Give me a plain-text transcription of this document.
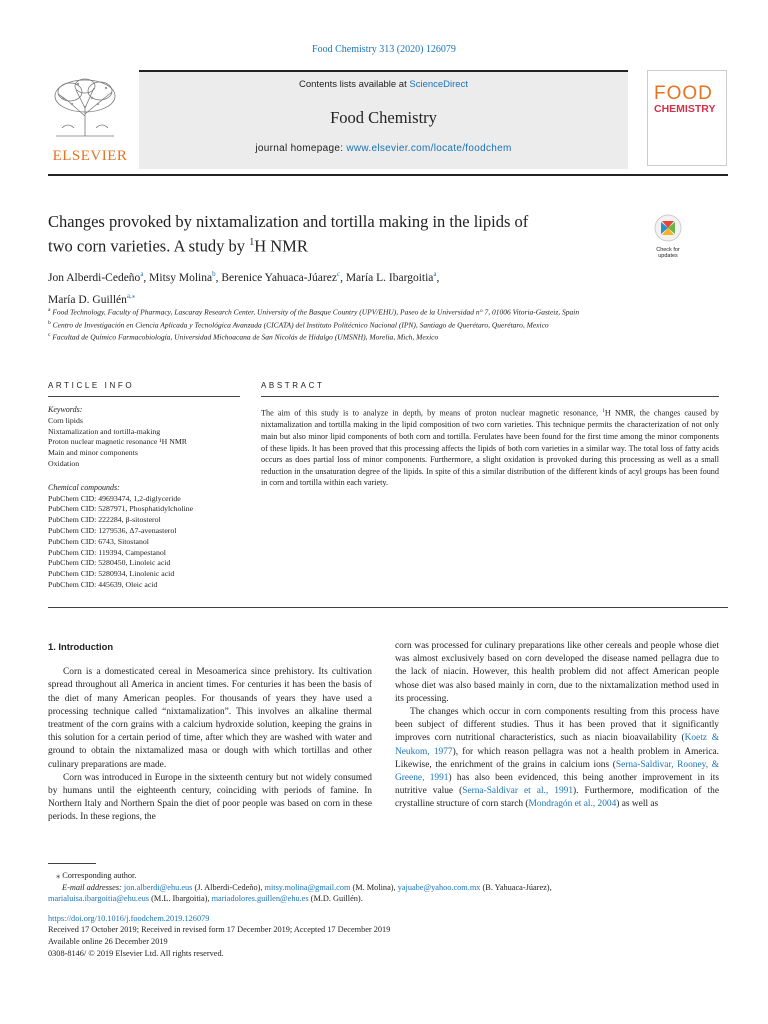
Food Chemistry 313 (2020) 126079
ELSEVIER
Contents lists available at ScienceDirect
Food Chemistry
journal homepage: www.elsevier.com/locate/foodchem
FOOD
CHEMISTRY
Changes provoked by nixtamalization and tortilla making in the lipids of
two corn varieties. A study by $^1$H NMR	Check for updates
Jon Alberdi-Cedeño$^a$, Mitsy Molina$^b$, Berenice Yahuaca-Júarez$^c$, María L. Ibargoitia$^a$,
María D. Guillén$^{a,⁎}$
$^a$ Food Technology, Faculty of Pharmacy, Lascaray Research Center, University of the Basque Country (UPV/EHU), Paseo de la Universidad n° 7, 01006 Vitoria-Gasteiz, Spain
$^b$ Centro de Investigación en Ciencia Aplicada y Tecnológica Avanzada (CICATA) del Instituto Politécnico Nacional (IPN), Santiago de Querétaro, Querétaro, Mexico
$^c$ Facultad de Químico Farmacobiología, Universidad Michoacana de San Nicolás de Hidalgo (UMSNH), Morelia, Mich, Mexico
ARTICLE INFO	ABSTRACT
Keywords:
Corn lipids
Nixtamalization and tortilla-making
Proton nuclear magnetic resonance ¹H NMR
Main and minor components
Oxidation
Chemical compounds:
PubChem CID: 49693474, 1,2-diglyceride
PubChem CID: 5287971, Phosphatidylcholine
PubChem CID: 222284, β-sitosterol
PubChem CID: 1279536, Δ7-avenasterol
PubChem CID: 6743, Sitostanol
PubChem CID: 119394, Campestanol
PubChem CID: 5280450, Linoleic acid
PubChem CID: 5280934, Linolenic acid
PubChem CID: 445639, Oleic acid
The aim of this study is to analyze in depth, by means of proton nuclear magnetic resonance, $^1$H NMR, the changes caused by nixtamalization and tortilla making in the lipid composition of two corn varieties. This technique permits the characterization of not only main but also minor lipid components of both corn and tortilla. Ferulates have been found for the first time among the minor components of these lipids. It has been proved that this processing affects the lipids of both corn varieties in a similar way. The total loss of fatty acids occurs as does partial loss of minor components. Furthermore, a slight oxidation is provoked during this processing as well as a small reduction in the unsaturation degree of the lipids. In spite of this a similar distribution of the different kinds of acyl groups has been found in corn and tortilla within each variety.
1. Introduction

Corn is a domesticated cereal in Mesoamerica since prehistory. Its cultivation spread throughout all America in ancient times. For centuries it has been the basis of the diet of many American peoples. For thousands of years they have used a processing technique called “nixtamalization”. This involves an alkaline thermal treatment of the corn grains with a calcium hydroxide solution, keeping the grains in this solution for a certain period of time, after which they are washed with water and ground to obtain the nixtamalized masa or dough with which tortillas and other culinary preparations are made.

Corn was introduced in Europe in the sixteenth century but not widely consumed by humans until the eighteenth century, coinciding with periods of famine. In Northern Italy and Northern Spain the diet of poor people was based on corn in these periods. In these regions, the

corn was processed for culinary preparations like other cereals and people whose diet was almost exclusively based on corn developed the disease named pellagra due to the lack of niacin. However, this health problem did not affect American people whose diet was also based mainly in corn, due to the nixtamalization method used in its processing.

The changes which occur in corn components resulting from this process have been subject of different studies. Thus it has been proved that it significantly improves corn nutritional characteristics, such as niacin bioavailability (Koetz & Neukom, 1977), for which reason pellagra was not a health problem in America. Likewise, the enrichment of the grains in calcium ions (Serna-Saldivar, Rooney, & Greene, 1991) has also been evidenced, this being another improvement in its nutritive value (Serna-Saldivar et al., 1991). Furthermore, modification of the crystalline structure of corn starch (Mondragón et al., 2004) as well as

⁎ Corresponding author.
E-mail addresses: jon.alberdi@ehu.eus (J. Alberdi-Cedeño), mitsy.molina@gmail.com (M. Molina), yajuabe@yahoo.com.mx (B. Yahuaca-Júarez),
marialuisa.ibargoitia@ehu.eus (M.L. Ibargoitia), mariadolores.guillen@ehu.es (M.D. Guillén).
https://doi.org/10.1016/j.foodchem.2019.126079
Received 17 October 2019; Received in revised form 17 December 2019; Accepted 17 December 2019
Available online 26 December 2019
0308-8146/ © 2019 Elsevier Ltd. All rights reserved.
